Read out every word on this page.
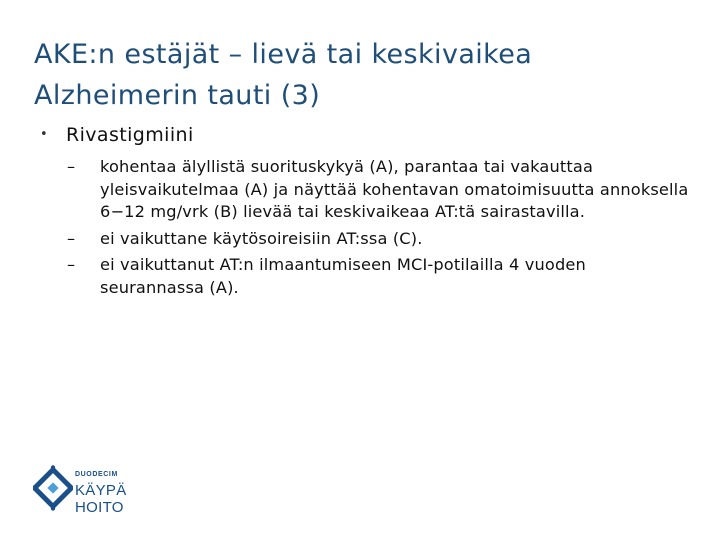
AKE:n estäjät – lievä tai keskivaikea
Alzheimerin tauti (3)
• Rivastigmiini
– kohentaa älyllistä suorituskykyä (A), parantaa tai vakauttaa yleisvaikutelmaa (A) ja näyttää kohentavan omatoimisuutta annoksella 6−12 mg/vrk (B) lievää tai keskivaikeaa AT:tä sairastavilla.
– ei vaikuttane käytösoireisiin AT:ssa (C).
– ei vaikuttanut AT:n ilmaantumiseen MCI-potilailla 4 vuoden seurannassa (A).
DUODECIM
KÄYPÄ HOITO
